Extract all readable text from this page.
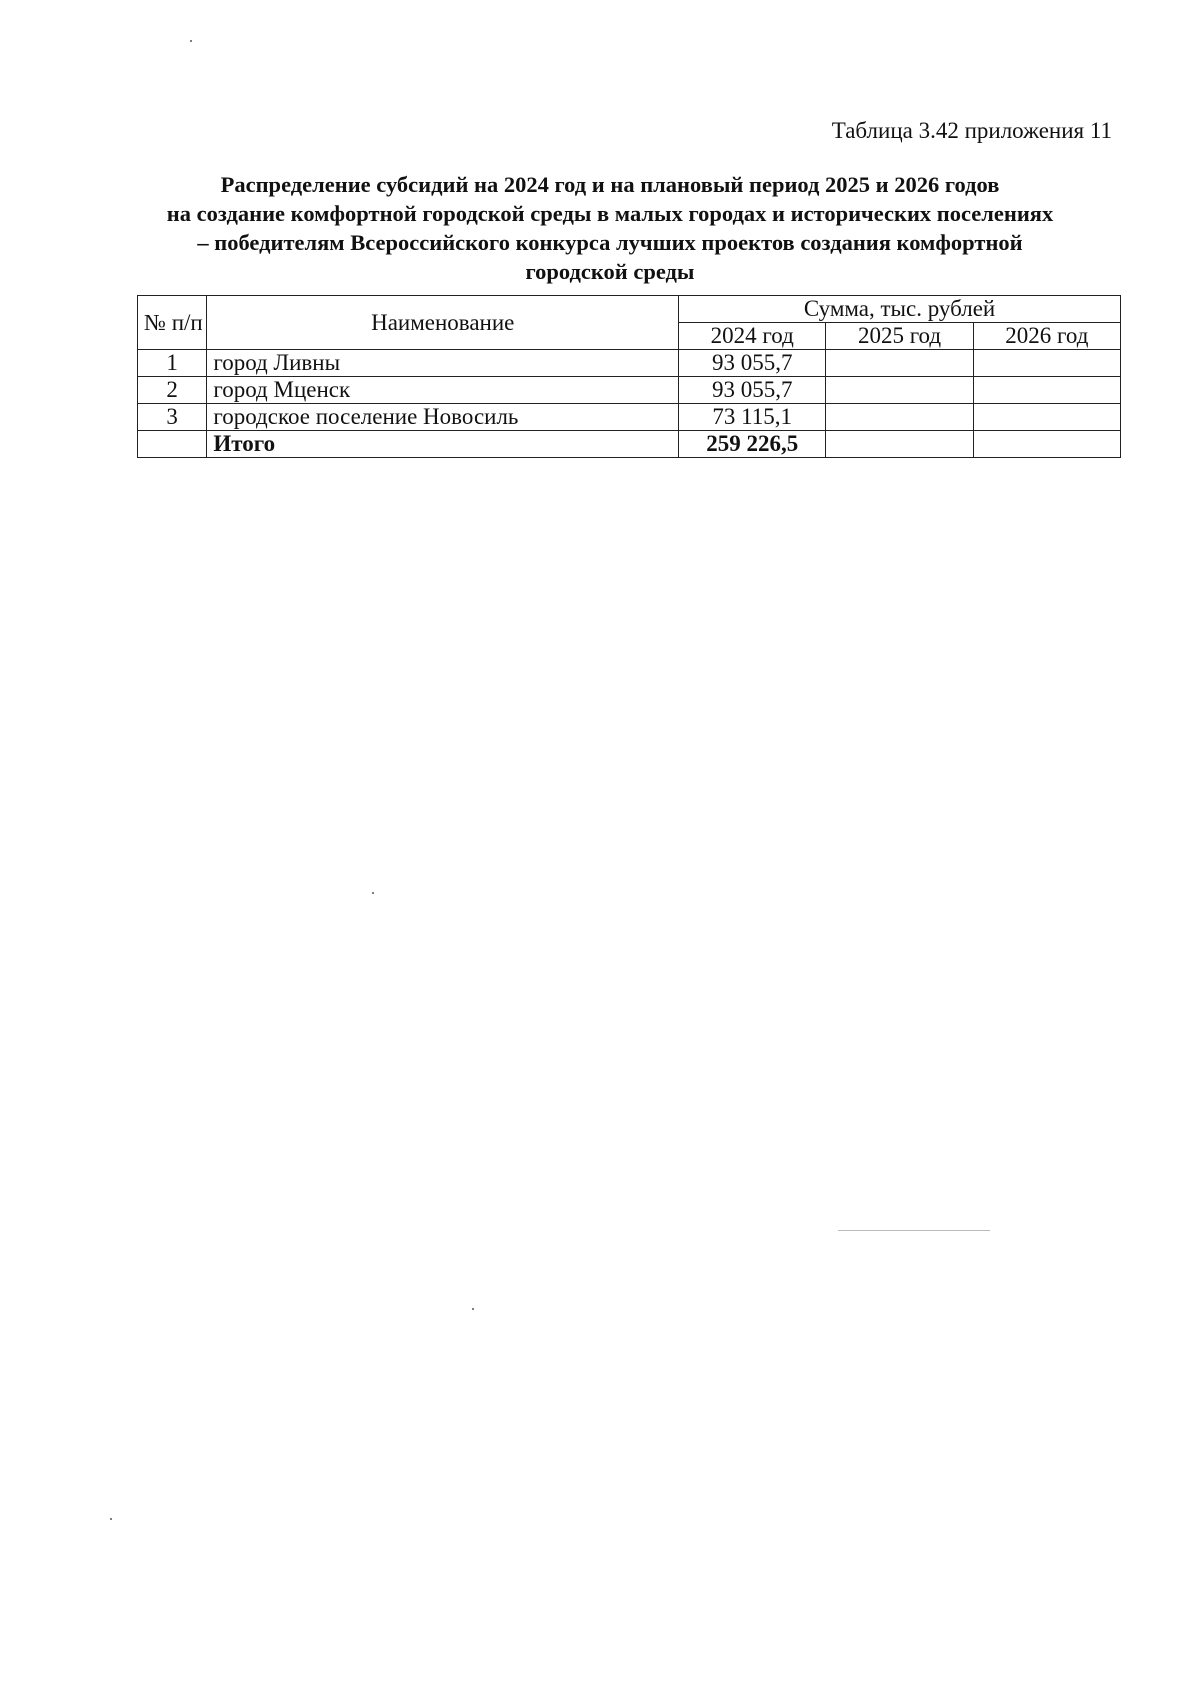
Таблица 3.42 приложения 11
Распределение субсидий на 2024 год и на плановый период 2025 и 2026 годов
на создание комфортной городской среды в малых городах и исторических поселениях
– победителям Всероссийского конкурса лучших проектов создания комфортной
городской среды
№ п/п	Наименование	Сумма, тыс. рублей		
		2024 год	2025 год	2026 год
1	город Ливны	93 055,7		
2	город Мценск	93 055,7		
3	городское поселение Новосиль	73 115,1		
	Итого	259 226,5		
